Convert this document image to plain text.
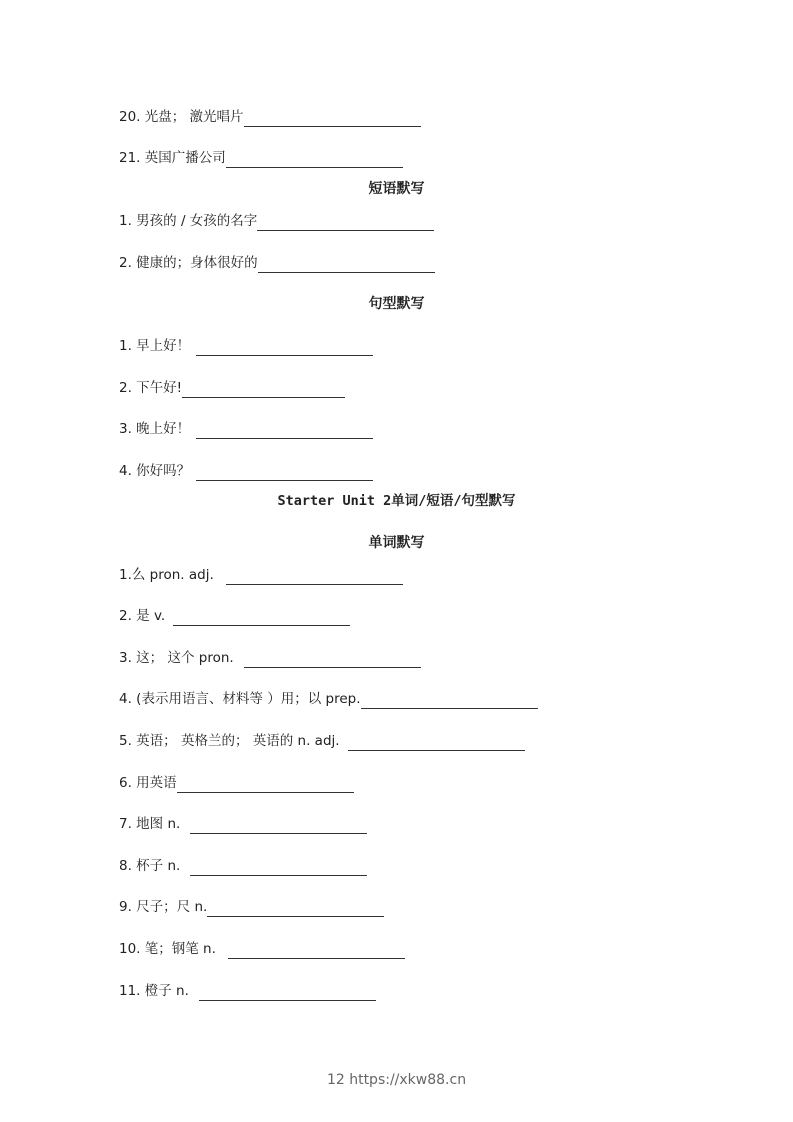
20. 光盘； 激光唱片
21. 英国广播公司
短语默写
1. 男孩的 / 女孩的名字
2. 健康的；身体很好的
句型默写
1. 早上好！
2. 下午好!
3. 晚上好！
4. 你好吗？
Starter Unit 2单词/短语/句型默写
单词默写
1.么 pron. adj.
2. 是 v.
3. 这； 这个 pron.
4. (表示用语言、材料等 ）用；以 prep.
5. 英语； 英格兰的； 英语的 n. adj.
6. 用英语
7. 地图 n.
8. 杯子 n.
9. 尺子；尺 n.
10. 笔；钢笔 n.
11. 橙子 n.
12 https://xkw88.cn
